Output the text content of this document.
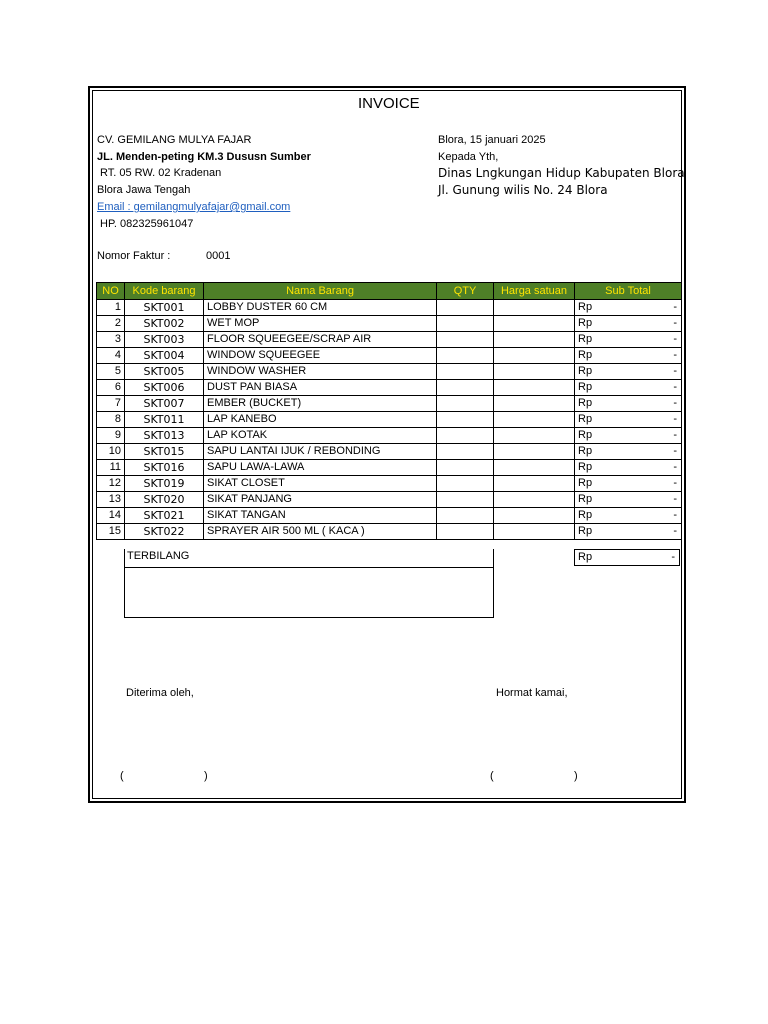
INVOICE
CV. GEMILANG MULYA FAJAR
JL. Menden-peting KM.3 Dususn Sumber
RT. 05 RW. 02 Kradenan
Blora Jawa Tengah
Email : gemilangmulyafajar@gmail.com
HP. 082325961047
Blora, 15 januari 2025
Kepada Yth,
Dinas Lngkungan Hidup Kabupaten Blora
Jl. Gunung wilis No. 24 Blora
Nomor Faktur :	0001
NO	Kode barang	Nama Barang	QTY	Harga satuan	Sub Total
1	SKT001	LOBBY DUSTER 60 CM			Rp -

2	SKT002	WET MOP			Rp -

3	SKT003	FLOOR SQUEEGEE/SCRAP AIR			Rp -

4	SKT004	WINDOW SQUEEGEE			Rp -

5	SKT005	WINDOW WASHER			Rp -

6	SKT006	DUST PAN BIASA			Rp -

7	SKT007	EMBER (BUCKET)			Rp -

8	SKT011	LAP KANEBO			Rp -

9	SKT013	LAP KOTAK			Rp -

10	SKT015	SAPU LANTAI IJUK / REBONDING			Rp -

11	SKT016	SAPU LAWA-LAWA			Rp -

12	SKT019	SIKAT CLOSET			Rp -

13	SKT020	SIKAT PANJANG			Rp -

14	SKT021	SIKAT TANGAN			Rp -

15	SKT022	SPRAYER AIR 500 ML ( KACA )			Rp -
TERBILANG	Rp	-
Diterima oleh,	Hormat kamai,
(	)	(	)
